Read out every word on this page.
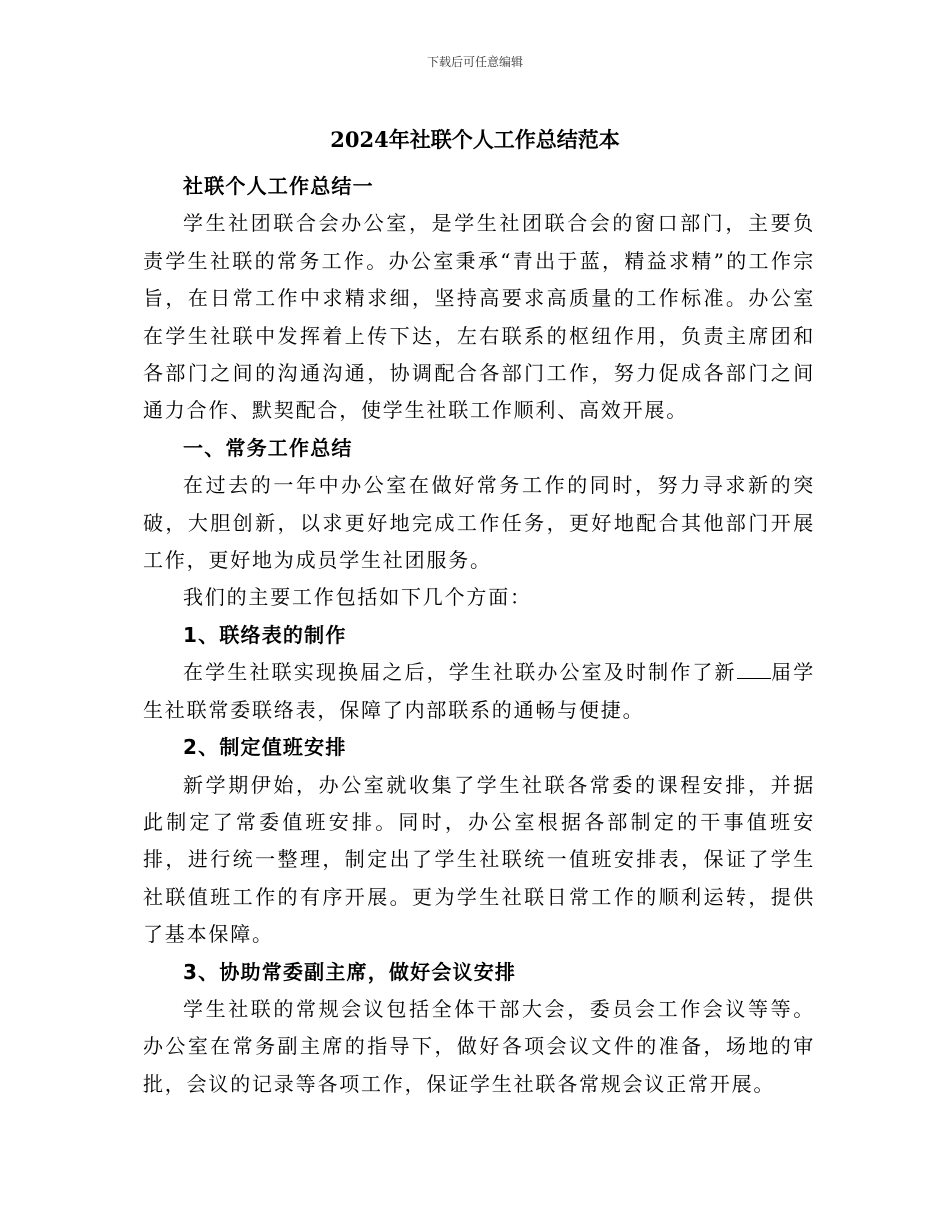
下载后可任意编辑
2024年社联个人工作总结范本

社联个人工作总结一

学生社团联合会办公室，是学生社团联合会的窗口部门，主要负责学生社联的常务工作。办公室秉承“青出于蓝，精益求精”的工作宗旨，在日常工作中求精求细，坚持高要求高质量的工作标准。办公室在学生社联中发挥着上传下达，左右联系的枢纽作用，负责主席团和各部门之间的沟通沟通，协调配合各部门工作，努力促成各部门之间通力合作、默契配合，使学生社联工作顺利、高效开展。

一、常务工作总结

在过去的一年中办公室在做好常务工作的同时，努力寻求新的突破，大胆创新，以求更好地完成工作任务，更好地配合其他部门开展工作，更好地为成员学生社团服务。

我们的主要工作包括如下几个方面：

1、联络表的制作

在学生社联实现换届之后，学生社联办公室及时制作了新 届学生社联常委联络表，保障了内部联系的通畅与便捷。

2、制定值班安排

新学期伊始，办公室就收集了学生社联各常委的课程安排，并据此制定了常委值班安排。同时，办公室根据各部制定的干事值班安排，进行统一整理，制定出了学生社联统一值班安排表，保证了学生社联值班工作的有序开展。更为学生社联日常工作的顺利运转，提供了基本保障。

3、协助常委副主席，做好会议安排

学生社联的常规会议包括全体干部大会，委员会工作会议等等。办公室在常务副主席的指导下，做好各项会议文件的准备，场地的审批，会议的记录等各项工作，保证学生社联各常规会议正常开展。
